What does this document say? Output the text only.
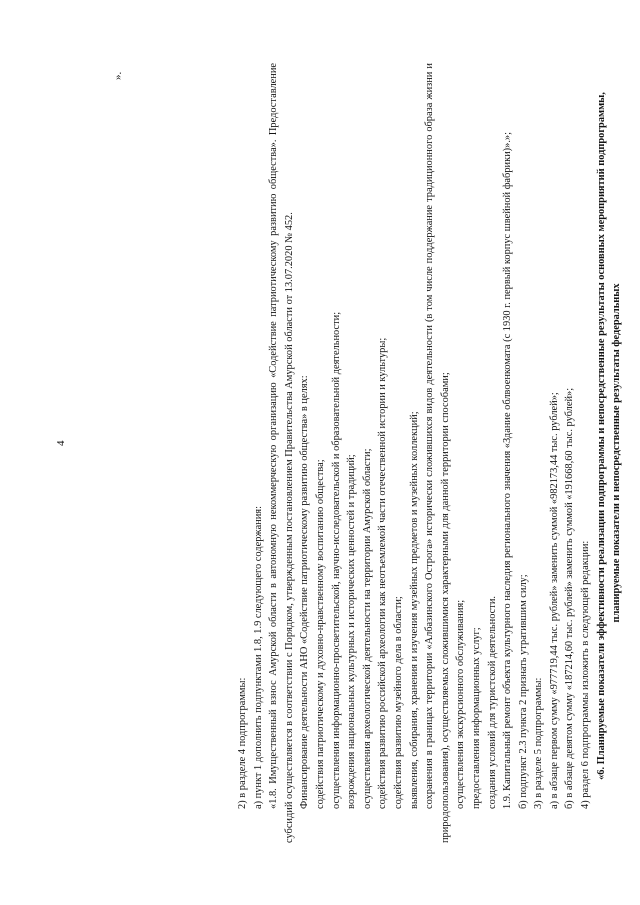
4
».

2) в разделе 4 подпрограммы: а) пункт 1 дополнить подпунктами 1.8, 1.9 следующего содержания: «1.8. Имущественный взнос Амурской области в автономную некоммерческую организацию «Содействие патриотическому развитию общества». Предоставление субсидий осуществляется в соответствии с Порядком, утвержденным постановлением Правительства Амурской области от 13.07.2020 № 452. Финансирование деятельности АНО «Содействие патриотическому развитию общества» в целях: содействия патриотическому и духовно-нравственному воспитанию общества; осуществления информационно-просветительской, научно-исследовательской и образовательной деятельности; возрождения национальных культурных и исторических ценностей и традиций; осуществления археологической деятельности на территории Амурской области; содействия развитию российской археологии как неотъемлемой части отечественной истории и культуры; содействия развитию музейного дела в области; выявления, собирания, хранения и изучения музейных предметов и музейных коллекций; сохранения в границах территории «Албазинского Острога» исторически сложившихся видов деятельности (в том числе поддержание традиционного образа жизни и природопользования), осуществляемых сложившимися характерными для данной территории способами; осуществления экскурсионного обслуживания; предоставления информационных услуг; создания условий для туристской деятельности. 1.9. Капитальный ремонт объекта культурного наследия регионального значения «Здание облвоенкомата (с 1930 г. первый корпус швейной фабрики)».»; б) подпункт 2.3 пункта 2 признать утратившим силу; 3) в разделе 5 подпрограммы: а) в абзаце первом сумму «977719,44 тыс. рублей» заменить суммой «982173,44 тыс. рублей»; б) в абзаце девятом сумму «187214,60 тыс. рублей» заменить суммой «191668,60 тыс. рублей»; 4) раздел 6 подпрограммы изложить в следующей редакции: «6. Планируемые показатели эффективности реализации подпрограммы и непосредственные результаты основных мероприятий подпрограммы, планируемые показатели и непосредственные результаты федеральных
